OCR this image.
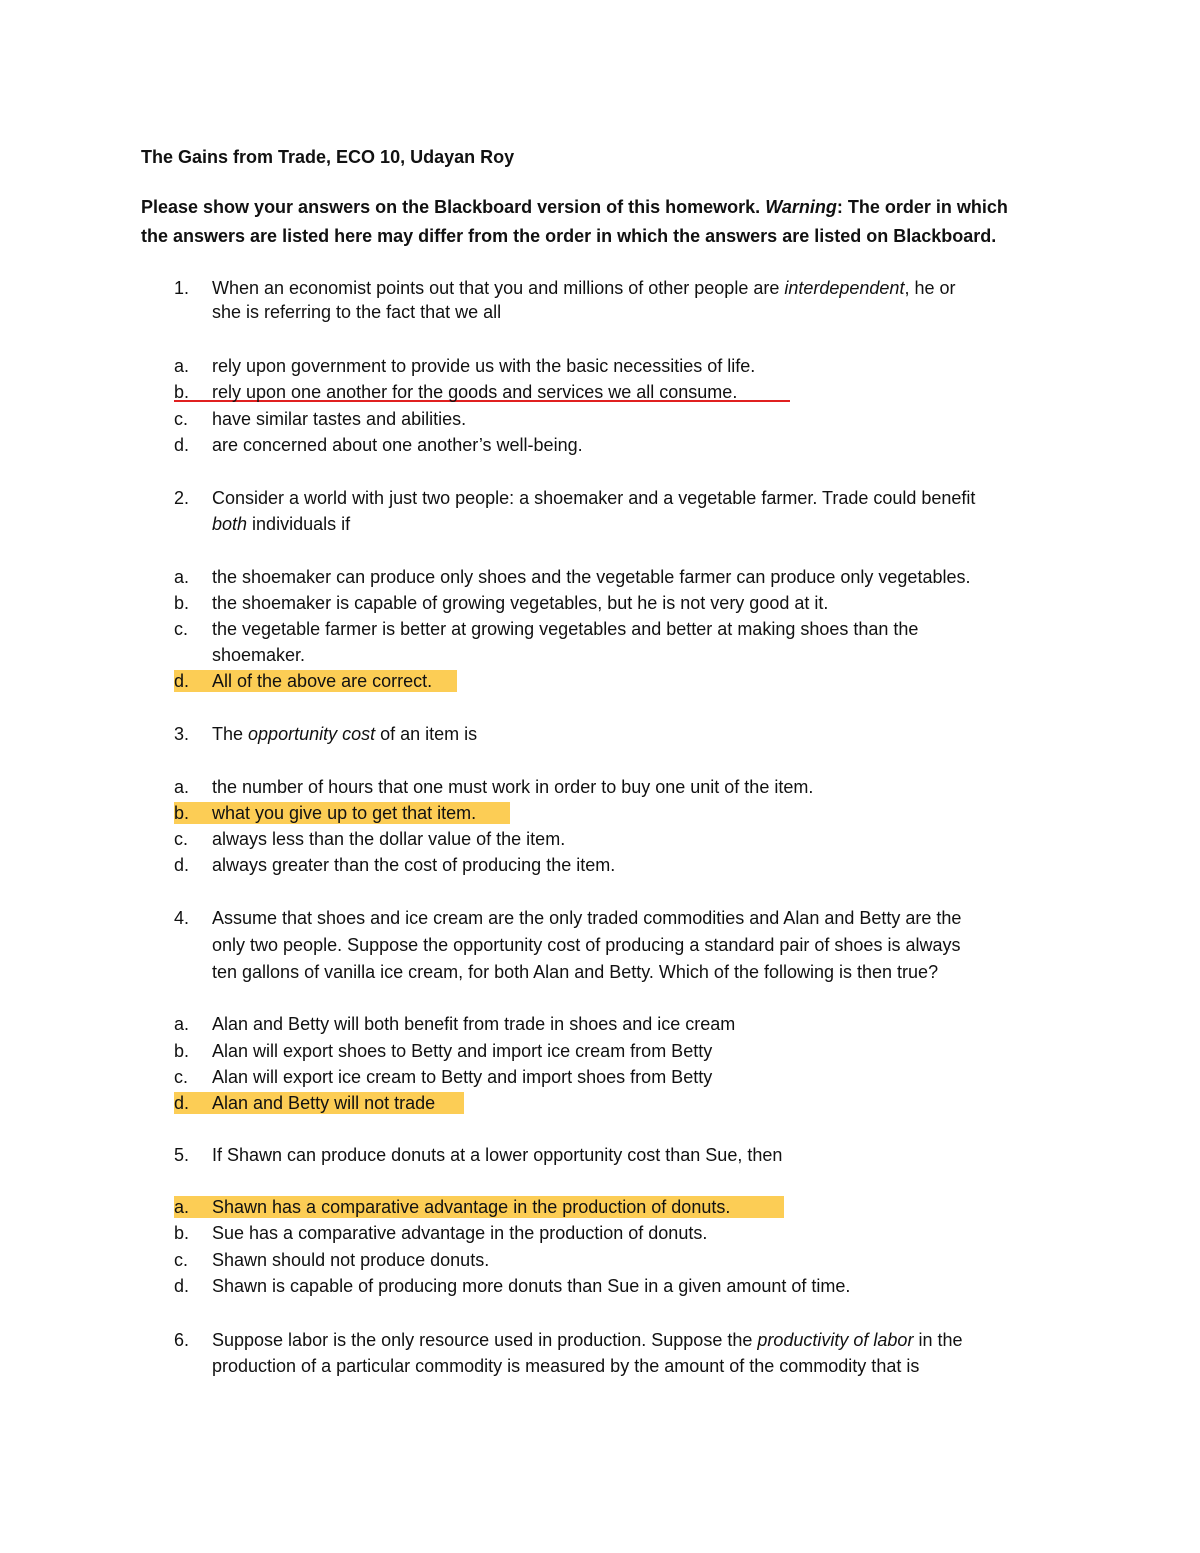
The Gains from Trade, ECO 10, Udayan Roy
Please show your answers on the Blackboard version of this homework. Warning: The order in which
the answers are listed here may differ from the order in which the answers are listed on Blackboard.
1.	When an economist points out that you and millions of other people are interdependent, he or
she is referring to the fact that we all
a.	rely upon government to provide us with the basic necessities of life.
b.	rely upon one another for the goods and services we all consume.
c.	have similar tastes and abilities.
d.	are concerned about one another’s well-being.
2.	Consider a world with just two people: a shoemaker and a vegetable farmer. Trade could benefit
both individuals if
a.	the shoemaker can produce only shoes and the vegetable farmer can produce only vegetables.
b.	the shoemaker is capable of growing vegetables, but he is not very good at it.
c.	the vegetable farmer is better at growing vegetables and better at making shoes than the
shoemaker.
d.	All of the above are correct.
3.	The opportunity cost of an item is
a.	the number of hours that one must work in order to buy one unit of the item.
b.	what you give up to get that item.
c.	always less than the dollar value of the item.
d.	always greater than the cost of producing the item.
4.	Assume that shoes and ice cream are the only traded commodities and Alan and Betty are the
only two people. Suppose the opportunity cost of producing a standard pair of shoes is always
ten gallons of vanilla ice cream, for both Alan and Betty. Which of the following is then true?
a.	Alan and Betty will both benefit from trade in shoes and ice cream
b.	Alan will export shoes to Betty and import ice cream from Betty
c.	Alan will export ice cream to Betty and import shoes from Betty
d.	Alan and Betty will not trade
5.	If Shawn can produce donuts at a lower opportunity cost than Sue, then
a.	Shawn has a comparative advantage in the production of donuts.
b.	Sue has a comparative advantage in the production of donuts.
c.	Shawn should not produce donuts.
d.	Shawn is capable of producing more donuts than Sue in a given amount of time.
6.	Suppose labor is the only resource used in production. Suppose the productivity of labor in the
production of a particular commodity is measured by the amount of the commodity that is
